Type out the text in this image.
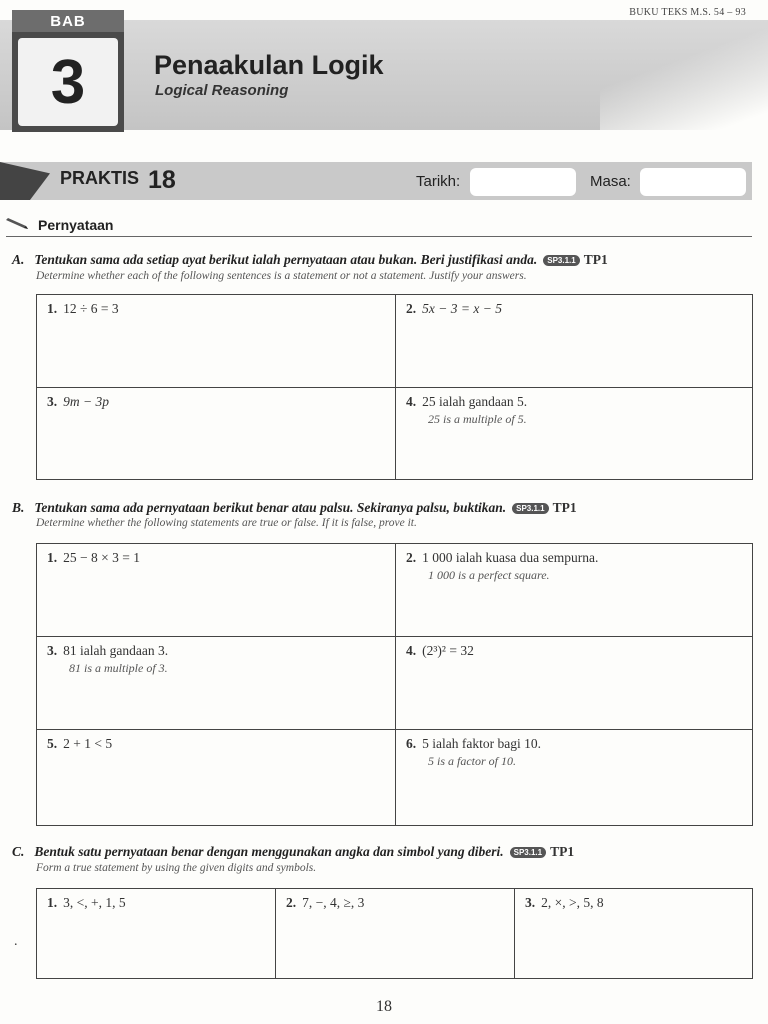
BUKU TEKS M.S. 54 – 93
BAB
3	Penaakulan Logik
Logical Reasoning
PRAKTIS 18	Tarikh:	Masa:
Pernyataan
A. Tentukan sama ada setiap ayat berikut ialah pernyataan atau bukan. Beri justifikasi anda. SP3.1.1 TP1
Determine whether each of the following sentences is a statement or not a statement. Justify your answers.
1. 12 ÷ 6 = 3	2. 5x − 3 = x − 5
3. 9m − 3p	4. 25 ialah gandaan 5.
25 is a multiple of 5.
B. Tentukan sama ada pernyataan berikut benar atau palsu. Sekiranya palsu, buktikan. SP3.1.1 TP1
Determine whether the following statements are true or false. If it is false, prove it.
1. 25 − 8 × 3 = 1	2. 1 000 ialah kuasa dua sempurna.
1 000 is a perfect square.

3. 81 ialah gandaan 3.
81 is a multiple of 3.	4. (2³)² = 32
5. 2 + 1 < 5	6. 5 ialah faktor bagi 10.
5 is a factor of 10.
C. Bentuk satu pernyataan benar dengan menggunakan angka dan simbol yang diberi. SP3.1.1 TP1
Form a true statement by using the given digits and symbols.
1. 3, <, +, 1, 5	2. 7, −, 4, ≥, 3	3. 2, ×, >, 5, 8
.
18
